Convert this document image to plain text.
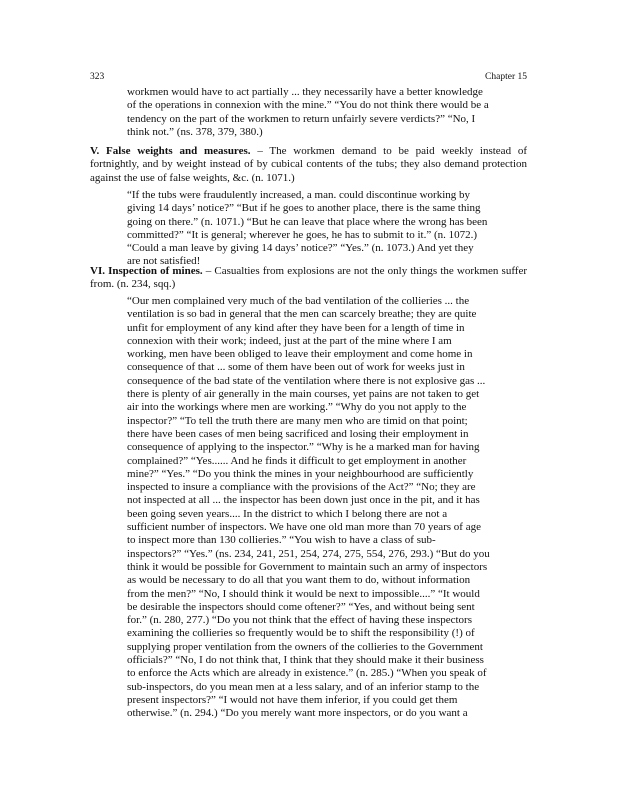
323	Chapter 15
workmen would have to act partially ... they necessarily have a better knowledge
of the operations in connexion with the mine.” “You do not think there would be a
tendency on the part of the workmen to return unfairly severe verdicts?” “No, I
think not.” (ns. 378, 379, 380.)
V. False weights and measures. – The workmen demand to be paid weekly instead of
fortnightly, and by weight instead of by cubical contents of the tubs; they also demand protection
against the use of false weights, &c. (n. 1071.)
“If the tubs were fraudulently increased, a man. could discontinue working by
giving 14 days’ notice?” “But if he goes to another place, there is the same thing
going on there.” (n. 1071.) “But he can leave that place where the wrong has been
committed?” “It is general; wherever he goes, he has to submit to it.” (n. 1072.)
“Could a man leave by giving 14 days’ notice?” “Yes.” (n. 1073.) And yet they
are not satisfied!
VI. Inspection of mines. – Casualties from explosions are not the only things the workmen suffer
from. (n. 234, sqq.)
“Our men complained very much of the bad ventilation of the collieries ... the
ventilation is so bad in general that the men can scarcely breathe; they are quite
unfit for employment of any kind after they have been for a length of time in
connexion with their work; indeed, just at the part of the mine where I am
working, men have been obliged to leave their employment and come home in
consequence of that ... some of them have been out of work for weeks just in
consequence of the bad state of the ventilation where there is not explosive gas ...
there is plenty of air generally in the main courses, yet pains are not taken to get
air into the workings where men are working.” “Why do you not apply to the
inspector?” “To tell the truth there are many men who are timid on that point;
there have been cases of men being sacrificed and losing their employment in
consequence of applying to the inspector.” “Why is he a marked man for having
complained?” “Yes...... And he finds it difficult to get employment in another
mine?” “Yes.” “Do you think the mines in your neighbourhood are sufficiently
inspected to insure a compliance with the provisions of the Act?” “No; they are
not inspected at all ... the inspector has been down just once in the pit, and it has
been going seven years.... In the district to which I belong there are not a
sufficient number of inspectors. We have one old man more than 70 years of age
to inspect more than 130 collieries.” “You wish to have a class of sub-
inspectors?” “Yes.” (ns. 234, 241, 251, 254, 274, 275, 554, 276, 293.) “But do you
think it would be possible for Government to maintain such an army of inspectors
as would be necessary to do all that you want them to do, without information
from the men?” “No, I should think it would be next to impossible....” “It would
be desirable the inspectors should come oftener?” “Yes, and without being sent
for.” (n. 280, 277.) “Do you not think that the effect of having these inspectors
examining the collieries so frequently would be to shift the responsibility (!) of
supplying proper ventilation from the owners of the collieries to the Government
officials?” “No, I do not think that, I think that they should make it their business
to enforce the Acts which are already in existence.” (n. 285.) “When you speak of
sub-inspectors, do you mean men at a less salary, and of an inferior stamp to the
present inspectors?” “I would not have them inferior, if you could get them
otherwise.” (n. 294.) “Do you merely want more inspectors, or do you want a
